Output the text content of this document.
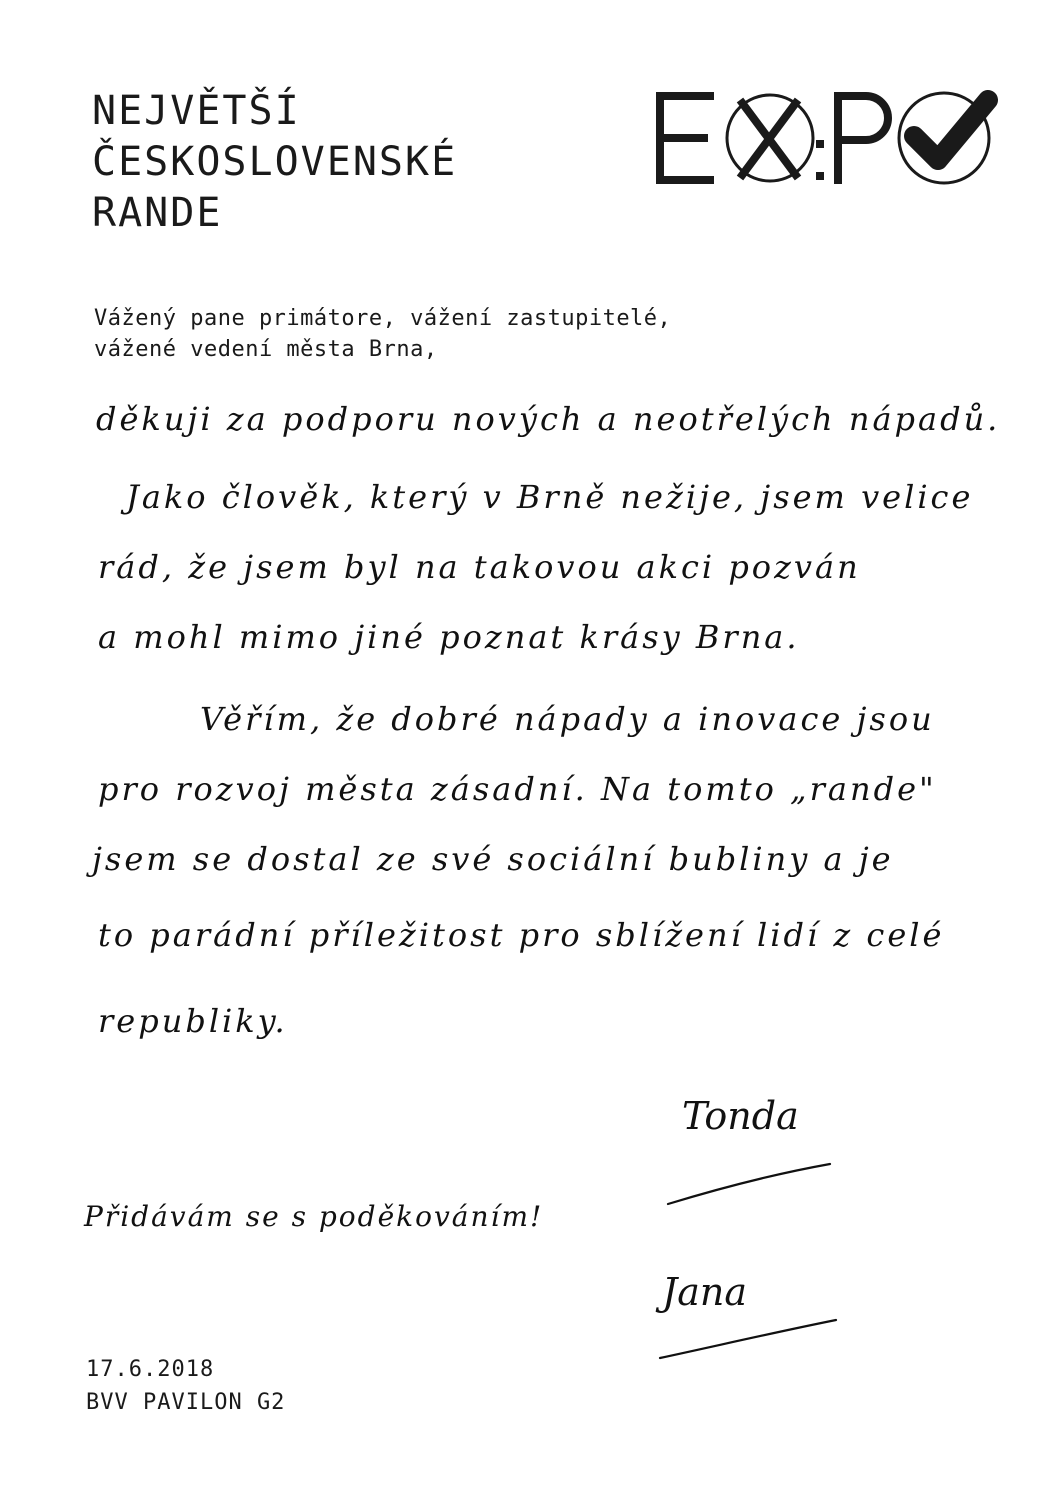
NEJVĚTŠÍ
ČESKOSLOVENSKÉ
RANDE
Vážený pane primátore, vážení zastupitelé,
vážené vedení města Brna,
děkuji za podporu nových a neotřelých nápadů.
Jako člověk, který v Brně nežije, jsem velice
rád, že jsem byl na takovou akci pozván
a mohl mimo jiné poznat krásy Brna.
Věřím, že dobré nápady a inovace jsou
pro rozvoj města zásadní. Na tomto „rande"
jsem se dostal ze své sociální bubliny a je
to parádní příležitost pro sblížení lidí z celé
republiky.
Tonda
Přidávám se s poděkováním!
Jana
17.6.2018
BVV PAVILON G2
